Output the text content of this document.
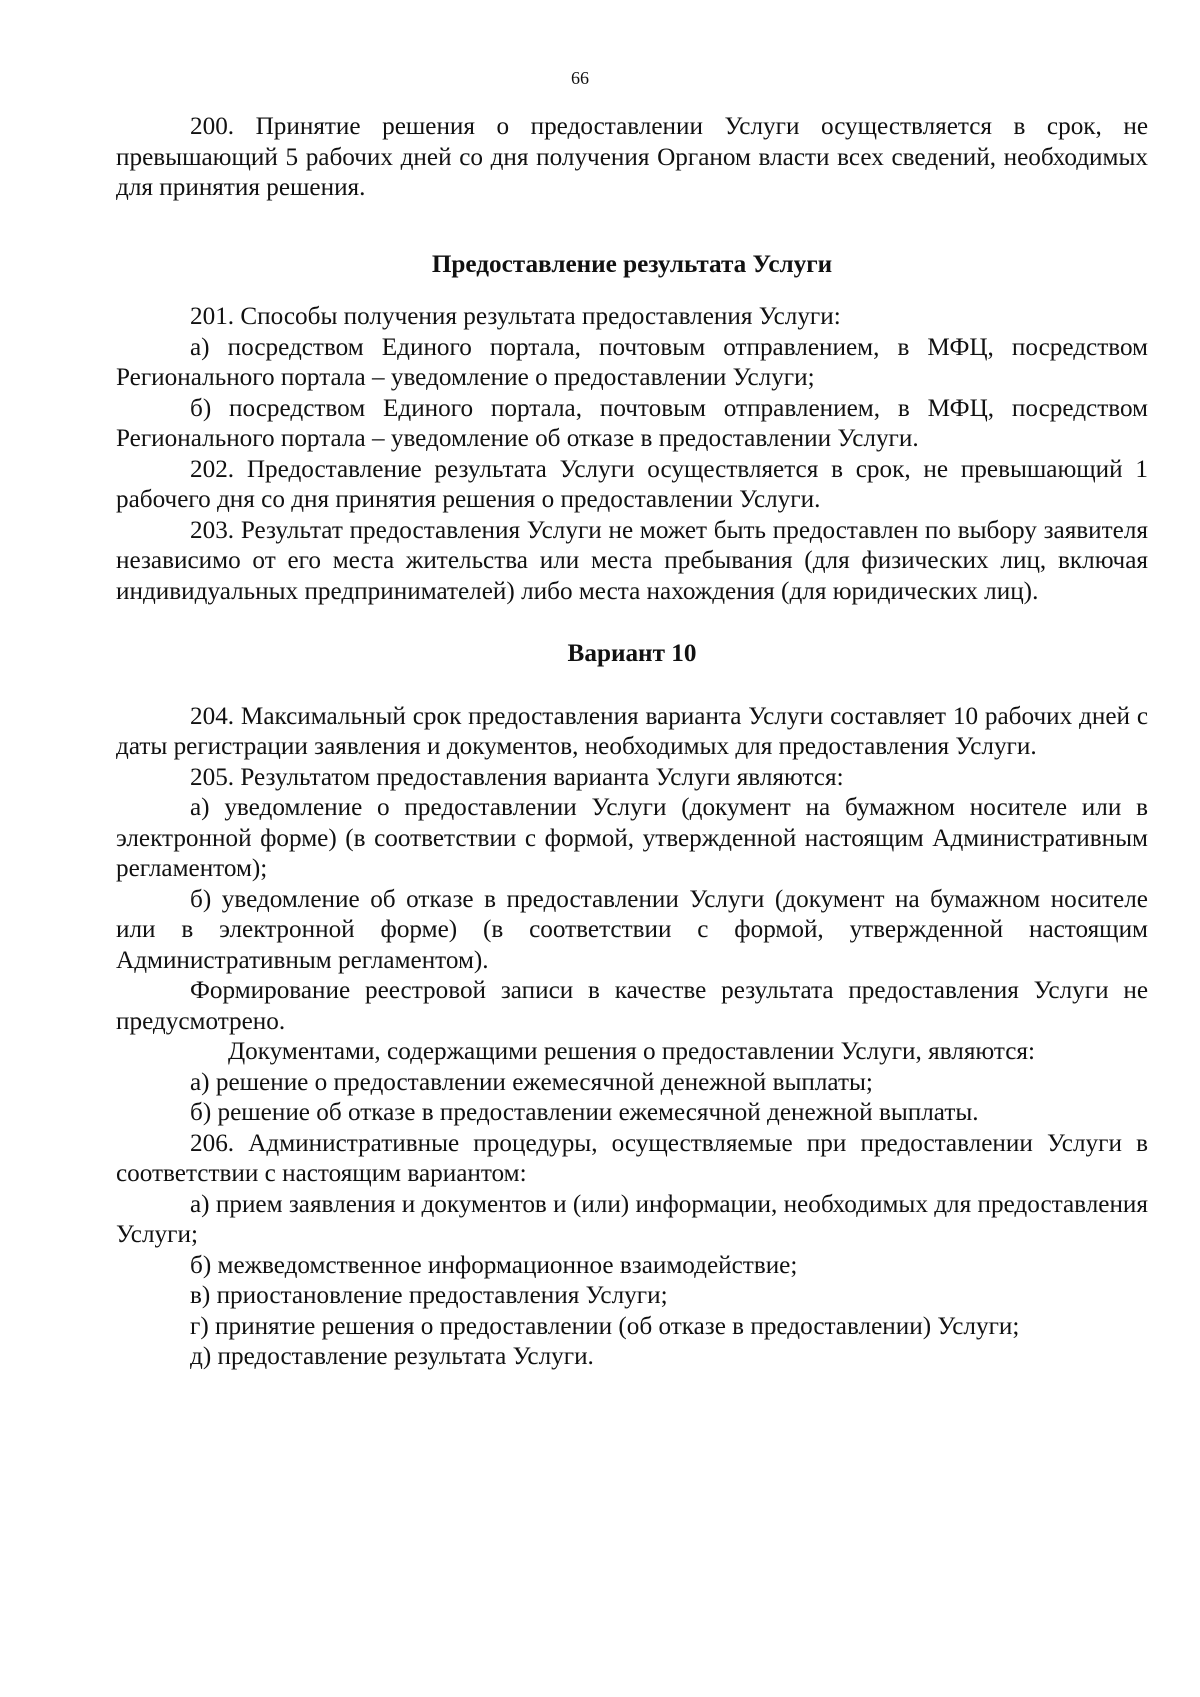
66

200. Принятие решения о предоставлении Услуги осуществляется в срок, не превышающий 5 рабочих дней со дня получения Органом власти всех сведений, необходимых для принятия решения.

Предоставление результата Услуги

201. Способы получения результата предоставления Услуги:

а) посредством Единого портала, почтовым отправлением, в МФЦ, посредством Регионального портала – уведомление о предоставлении Услуги;

б) посредством Единого портала, почтовым отправлением, в МФЦ, посредством Регионального портала – уведомление об отказе в предоставлении Услуги.

202. Предоставление результата Услуги осуществляется в срок, не превышающий 1 рабочего дня со дня принятия решения о предоставлении Услуги.

203. Результат предоставления Услуги не может быть предоставлен по выбору заявителя независимо от его места жительства или места пребывания (для физических лиц, включая индивидуальных предпринимателей) либо места нахождения (для юридических лиц).

Вариант 10

204. Максимальный срок предоставления варианта Услуги составляет 10 рабочих дней с даты регистрации заявления и документов, необходимых для предоставления Услуги.

205. Результатом предоставления варианта Услуги являются:

а) уведомление о предоставлении Услуги (документ на бумажном носителе или в электронной форме) (в соответствии с формой, утвержденной настоящим Административным регламентом);

б) уведомление об отказе в предоставлении Услуги (документ на бумажном носителе или в электронной форме) (в соответствии с формой, утвержденной настоящим Административным регламентом).

Формирование реестровой записи в качестве результата предоставления Услуги не предусмотрено.

Документами, содержащими решения о предоставлении Услуги, являются:

а) решение о предоставлении ежемесячной денежной выплаты;

б) решение об отказе в предоставлении ежемесячной денежной выплаты.

206. Административные процедуры, осуществляемые при предоставлении Услуги в соответствии с настоящим вариантом:

а) прием заявления и документов и (или) информации, необходимых для предоставления Услуги;

б) межведомственное информационное взаимодействие;

в) приостановление предоставления Услуги;

г) принятие решения о предоставлении (об отказе в предоставлении) Услуги;

д) предоставление результата Услуги.
